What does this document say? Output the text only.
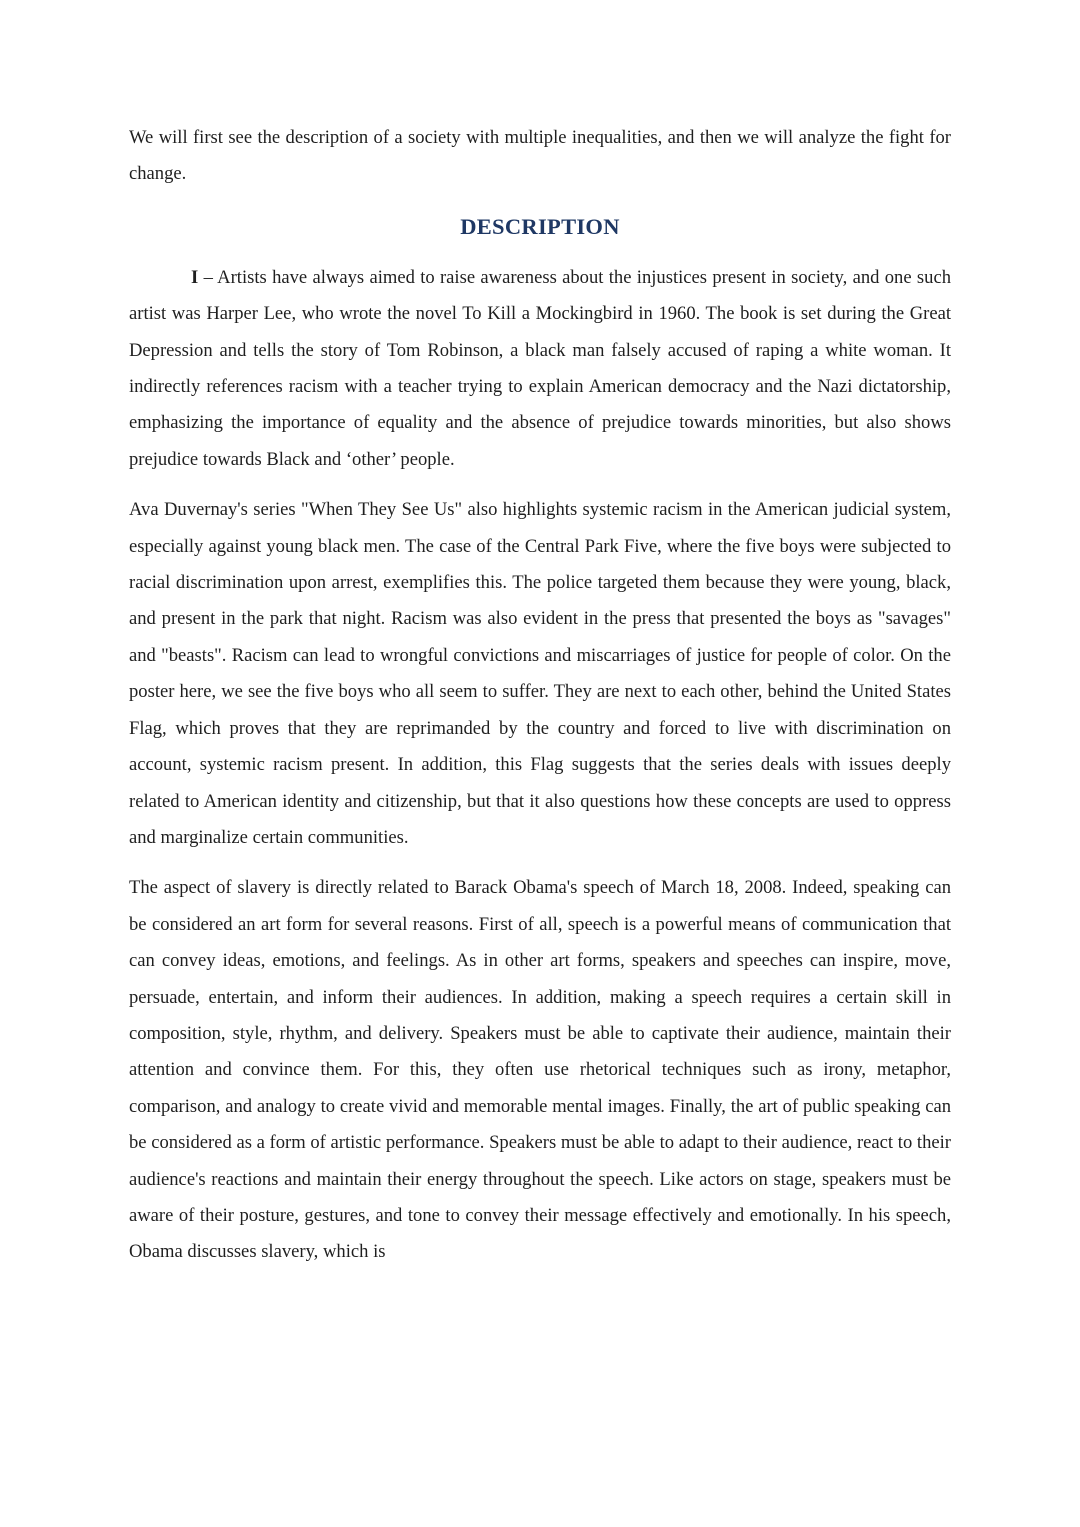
We will first see the description of a society with multiple inequalities, and then we will analyze the fight for change.

DESCRIPTION

I – Artists have always aimed to raise awareness about the injustices present in society, and one such artist was Harper Lee, who wrote the novel To Kill a Mockingbird in 1960. The book is set during the Great Depression and tells the story of Tom Robinson, a black man falsely accused of raping a white woman. It indirectly references racism with a teacher trying to explain American democracy and the Nazi dictatorship, emphasizing the importance of equality and the absence of prejudice towards minorities, but also shows prejudice towards Black and ‘other’ people.

Ava Duvernay's series "When They See Us" also highlights systemic racism in the American judicial system, especially against young black men. The case of the Central Park Five, where the five boys were subjected to racial discrimination upon arrest, exemplifies this. The police targeted them because they were young, black, and present in the park that night. Racism was also evident in the press that presented the boys as "savages" and "beasts". Racism can lead to wrongful convictions and miscarriages of justice for people of color. On the poster here, we see the five boys who all seem to suffer. They are next to each other, behind the United States Flag, which proves that they are reprimanded by the country and forced to live with discrimination on account, systemic racism present. In addition, this Flag suggests that the series deals with issues deeply related to American identity and citizenship, but that it also questions how these concepts are used to oppress and marginalize certain communities.

The aspect of slavery is directly related to Barack Obama's speech of March 18, 2008. Indeed, speaking can be considered an art form for several reasons. First of all, speech is a powerful means of communication that can convey ideas, emotions, and feelings. As in other art forms, speakers and speeches can inspire, move, persuade, entertain, and inform their audiences. In addition, making a speech requires a certain skill in composition, style, rhythm, and delivery. Speakers must be able to captivate their audience, maintain their attention and convince them. For this, they often use rhetorical techniques such as irony, metaphor, comparison, and analogy to create vivid and memorable mental images. Finally, the art of public speaking can be considered as a form of artistic performance. Speakers must be able to adapt to their audience, react to their audience's reactions and maintain their energy throughout the speech. Like actors on stage, speakers must be aware of their posture, gestures, and tone to convey their message effectively and emotionally. In his speech, Obama discusses slavery, which is
